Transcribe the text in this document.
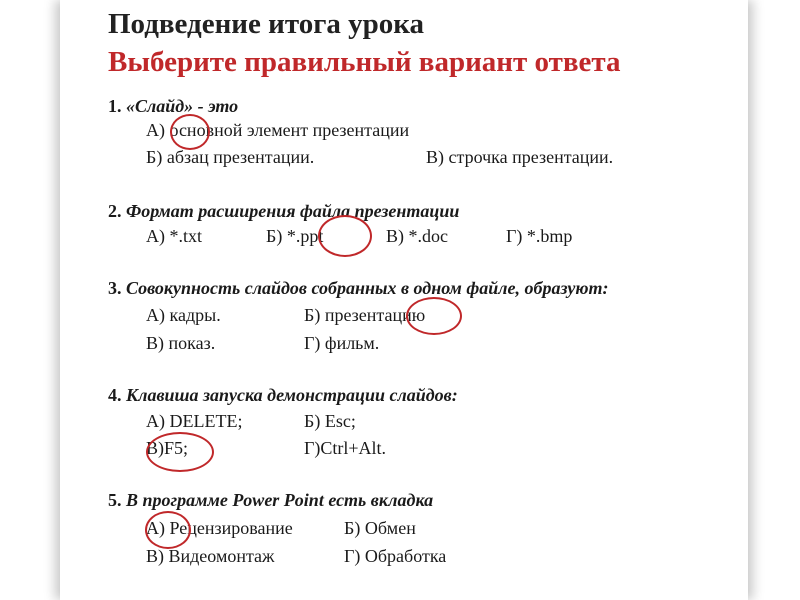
Подведение итога урока
Выберите правильный вариант ответа
1. «Слайд» - это
А) основной элемент презентации
Б) абзац презентации.	В) строчка презентации.
2. Формат расширения файла презентации
А) *.txt	Б) *.ppt	В) *.doc	Г) *.bmp
3. Совокупность слайдов собранных в одном файле, образуют:
А) кадры.	Б) презентацию
В) показ.	Г) фильм.
4. Клавиша запуска демонстрации слайдов:
А) DELETE;	Б) Esc;
В)F5;	Г)Ctrl+Alt.
5. В программе Power Point есть вкладка
А) Рецензирование	Б) Обмен
В) Видеомонтаж	Г) Обработка
